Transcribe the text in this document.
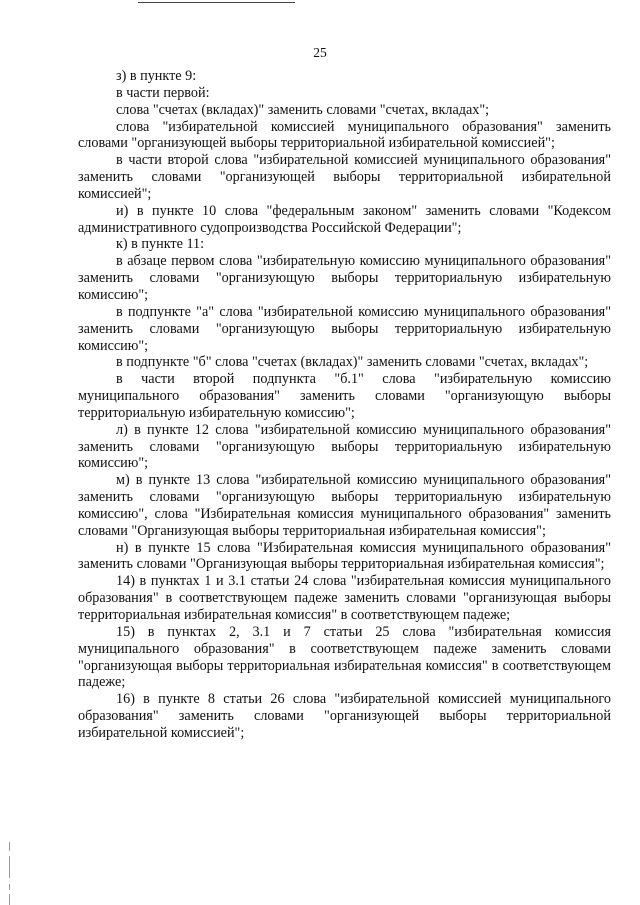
25

з) в пункте 9:

в части первой:

слова "счетах (вкладах)" заменить словами "счетах, вкладах";

слова "избирательной комиссией муниципального образования" заменить словами "организующей выборы территориальной избирательной комиссией";

в части второй слова "избирательной комиссией муниципального образования" заменить словами "организующей выборы территориальной избирательной комиссией";

и) в пункте 10 слова "федеральным законом" заменить словами "Кодексом административного судопроизводства Российской Федерации";

к) в пункте 11:

в абзаце первом слова "избирательную комиссию муниципального образования" заменить словами "организующую выборы территориальную избирательную комиссию";

в подпункте "а" слова "избирательной комиссию муниципального образования" заменить словами "организующую выборы территориальную избирательную комиссию";

в подпункте "б" слова "счетах (вкладах)" заменить словами "счетах, вкладах";

в части второй подпункта "б.1" слова "избирательную комиссию муниципального образования" заменить словами "организующую выборы территориальную избирательную комиссию";

л) в пункте 12 слова "избирательной комиссию муниципального образования" заменить словами "организующую выборы территориальную избирательную комиссию";

м) в пункте 13 слова "избирательной комиссию муниципального образования" заменить словами "организующую выборы территориальную избирательную комиссию", слова "Избирательная комиссия муниципального образования" заменить словами "Организующая выборы территориальная избирательная комиссия";

н) в пункте 15 слова "Избирательная комиссия муниципального образования" заменить словами "Организующая выборы территориальная избирательная комиссия";

14) в пунктах 1 и 3.1 статьи 24 слова "избирательная комиссия муниципального образования" в соответствующем падеже заменить словами "организующая выборы территориальная избирательная комиссия" в соответствующем падеже;

15) в пунктах 2, 3.1 и 7 статьи 25 слова "избирательная комиссия муниципального образования" в соответствующем падеже заменить словами "организующая выборы территориальная избирательная комиссия" в соответствующем падеже;

16) в пункте 8 статьи 26 слова "избирательной комиссией муниципального образования" заменить словами "организующей выборы территориальной избирательной комиссией";
